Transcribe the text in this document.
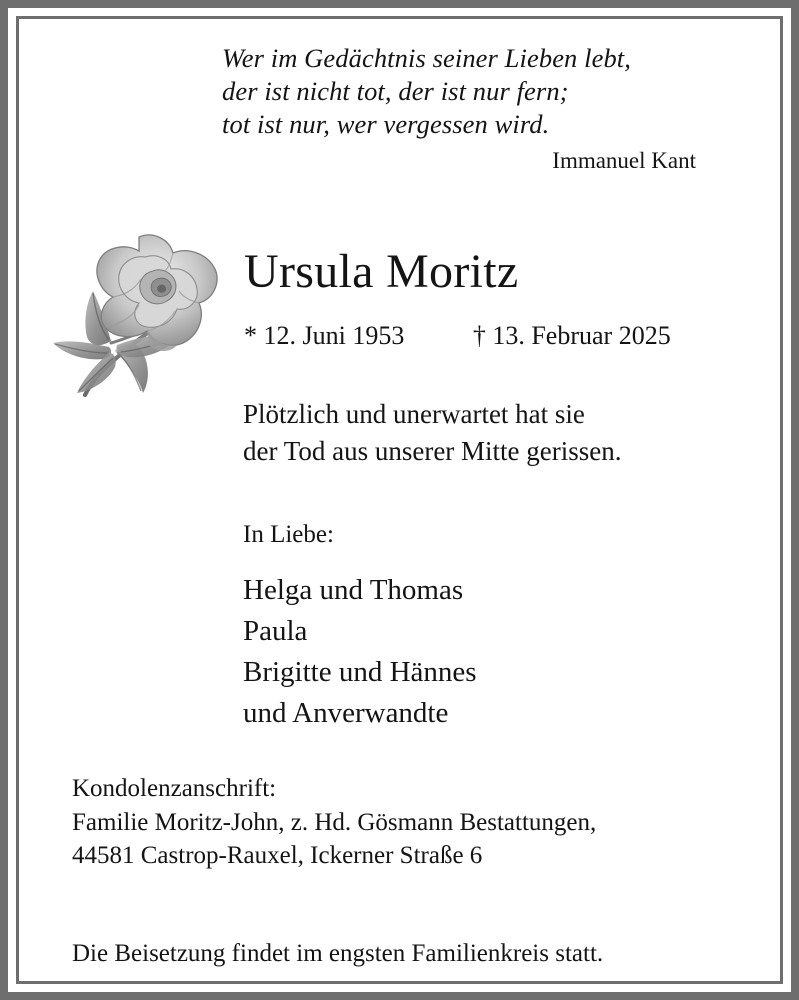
Wer im Gedächtnis seiner Lieben lebt,
der ist nicht tot, der ist nur fern;
tot ist nur, wer vergessen wird.
Immanuel Kant
Ursula Moritz
* 12. Juni 1953	† 13. Februar 2025
Plötzlich und unerwartet hat sie
der Tod aus unserer Mitte gerissen.
In Liebe:
Helga und Thomas
Paula
Brigitte und Hännes
und Anverwandte
Kondolenzanschrift:
Familie Moritz-John, z. Hd. Gösmann Bestattungen,
44581 Castrop-Rauxel, Ickerner Straße 6
Die Beisetzung findet im engsten Familienkreis statt.
